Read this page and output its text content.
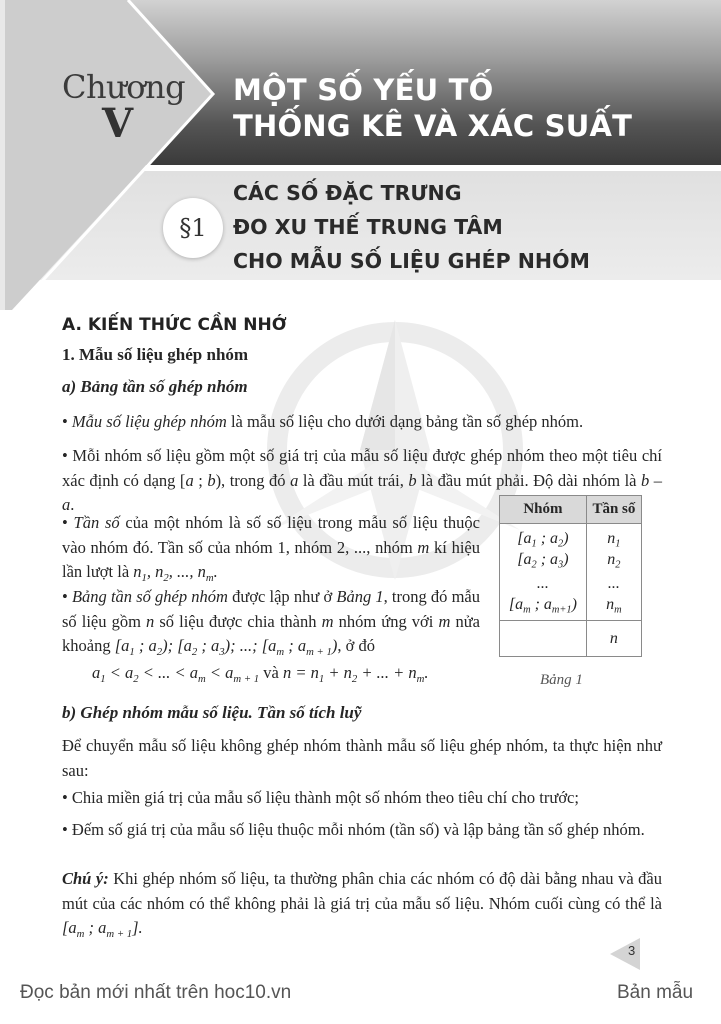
Chương
V
MỘT SỐ YẾU TỐ
THỐNG KÊ VÀ XÁC SUẤT
§1
CÁC SỐ ĐẶC TRƯNG
ĐO XU THẾ TRUNG TÂM
CHO MẪU SỐ LIỆU GHÉP NHÓM
A. KIẾN THỨC CẦN NHỚ
1. Mẫu số liệu ghép nhóm
a) Bảng tần số ghép nhóm
• Mẫu số liệu ghép nhóm là mẫu số liệu cho dưới dạng bảng tần số ghép nhóm.
• Mỗi nhóm số liệu gồm một số giá trị của mẫu số liệu được ghép nhóm theo một tiêu chí xác định có dạng [a ; b), trong đó a là đầu mút trái, b là đầu mút phải. Độ dài nhóm là b – a.
• Tần số của một nhóm là số số liệu trong mẫu số liệu thuộc vào nhóm đó. Tần số của nhóm 1, nhóm 2, ..., nhóm m kí hiệu lần lượt là $n_1$, $n_2$, ..., $n_m$.
• Bảng tần số ghép nhóm được lập như ở Bảng 1, trong đó mẫu số liệu gồm n số liệu được chia thành m nhóm ứng với m nửa khoảng [$a_1$ ; $a_2$); [$a_2$ ; $a_3$); ...; [$a_m$ ; $a_{m + 1}$), ở đó
$a_1 < a_2$ < ... < $a_m < a_{m + 1}$ và $n = n_1 + n_2$ + ... + $n_m$.
Nhóm	Tần số
[$a_1$ ; $a_2$)	$n_1$
[$a_2$ ; $a_3$)	$n_2$
...	...
[$a_m$ ; $a_{m+1}$)	$n_m$
	n
Bảng 1
b) Ghép nhóm mẫu số liệu. Tần số tích luỹ
Để chuyển mẫu số liệu không ghép nhóm thành mẫu số liệu ghép nhóm, ta thực hiện như sau:
• Chia miền giá trị của mẫu số liệu thành một số nhóm theo tiêu chí cho trước;
• Đếm số giá trị của mẫu số liệu thuộc mỗi nhóm (tần số) và lập bảng tần số ghép nhóm.
Chú ý: Khi ghép nhóm số liệu, ta thường phân chia các nhóm có độ dài bằng nhau và đầu mút của các nhóm có thể không phải là giá trị của mẫu số liệu. Nhóm cuối cùng có thể là [$a_m$ ; $a_{m + 1}$].
3
Đọc bản mới nhất trên hoc10.vn	Bản mẫu
